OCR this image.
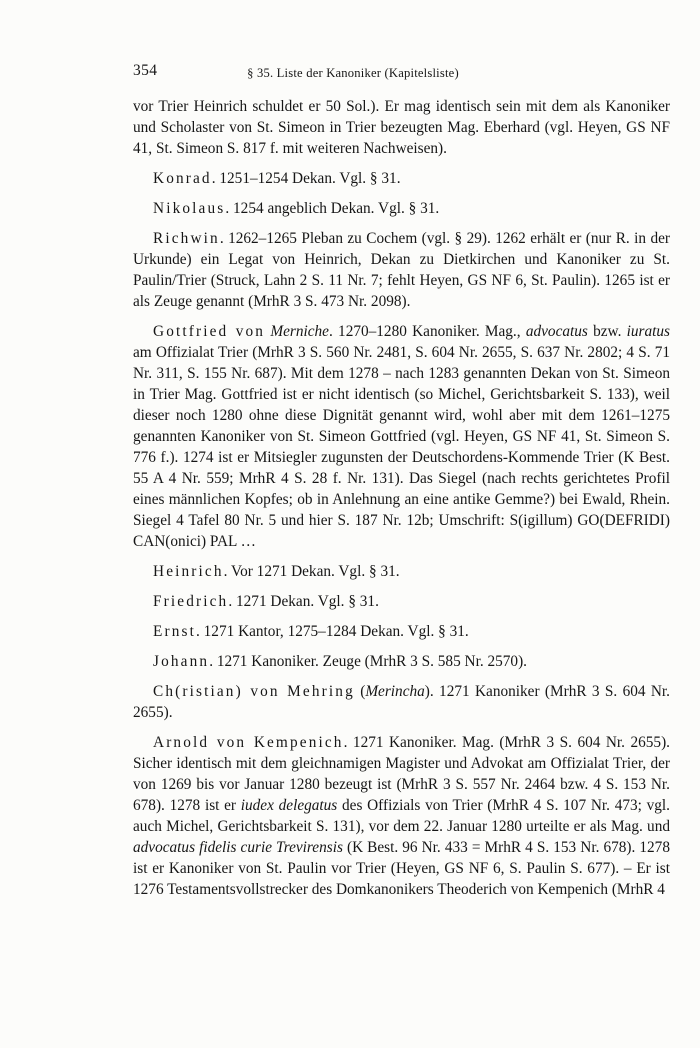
354	§ 35. Liste der Kanoniker (Kapitelsliste)

vor Trier Heinrich schuldet er 50 Sol.). Er mag identisch sein mit dem als Kanoniker und Scholaster von St. Simeon in Trier bezeugten Mag. Eberhard (vgl. Heyen, GS NF 41, St. Simeon S. 817 f. mit weiteren Nachweisen).

Konrad. 1251–1254 Dekan. Vgl. § 31.

Nikolaus. 1254 angeblich Dekan. Vgl. § 31.

Richwin. 1262–1265 Pleban zu Cochem (vgl. § 29). 1262 erhält er (nur R. in der Urkunde) ein Legat von Heinrich, Dekan zu Dietkirchen und Kanoniker zu St. Paulin/Trier (Struck, Lahn 2 S. 11 Nr. 7; fehlt Heyen, GS NF 6, St. Paulin). 1265 ist er als Zeuge genannt (MrhR 3 S. 473 Nr. 2098).

Gottfried von Merniche. 1270–1280 Kanoniker. Mag., advocatus bzw. iuratus am Offizialat Trier (MrhR 3 S. 560 Nr. 2481, S. 604 Nr. 2655, S. 637 Nr. 2802; 4 S. 71 Nr. 311, S. 155 Nr. 687). Mit dem 1278 – nach 1283 genannten Dekan von St. Simeon in Trier Mag. Gottfried ist er nicht identisch (so Michel, Gerichtsbarkeit S. 133), weil dieser noch 1280 ohne diese Dignität genannt wird, wohl aber mit dem 1261–1275 genannten Kanoniker von St. Simeon Gottfried (vgl. Heyen, GS NF 41, St. Simeon S. 776 f.). 1274 ist er Mitsiegler zugunsten der Deutschordens-Kommende Trier (K Best. 55 A 4 Nr. 559; MrhR 4 S. 28 f. Nr. 131). Das Siegel (nach rechts gerichtetes Profil eines männlichen Kopfes; ob in Anlehnung an eine antike Gemme?) bei Ewald, Rhein. Siegel 4 Tafel 80 Nr. 5 und hier S. 187 Nr. 12b; Umschrift: S(igillum) GO(DEFRIDI) CAN(onici) PAL …

Heinrich. Vor 1271 Dekan. Vgl. § 31.

Friedrich. 1271 Dekan. Vgl. § 31.

Ernst. 1271 Kantor, 1275–1284 Dekan. Vgl. § 31.

Johann. 1271 Kanoniker. Zeuge (MrhR 3 S. 585 Nr. 2570).

Ch(ristian) von Mehring (Merincha). 1271 Kanoniker (MrhR 3 S. 604 Nr. 2655).

Arnold von Kempenich. 1271 Kanoniker. Mag. (MrhR 3 S. 604 Nr. 2655). Sicher identisch mit dem gleichnamigen Magister und Advokat am Offizialat Trier, der von 1269 bis vor Januar 1280 bezeugt ist (MrhR 3 S. 557 Nr. 2464 bzw. 4 S. 153 Nr. 678). 1278 ist er iudex delegatus des Offizials von Trier (MrhR 4 S. 107 Nr. 473; vgl. auch Michel, Gerichtsbarkeit S. 131), vor dem 22. Januar 1280 urteilte er als Mag. und advocatus fidelis curie Trevirensis (K Best. 96 Nr. 433 = MrhR 4 S. 153 Nr. 678). 1278 ist er Kanoniker von St. Paulin vor Trier (Heyen, GS NF 6, S. Paulin S. 677). – Er ist 1276 Testamentsvollstrecker des Domkanonikers Theoderich von Kempenich (MrhR 4
